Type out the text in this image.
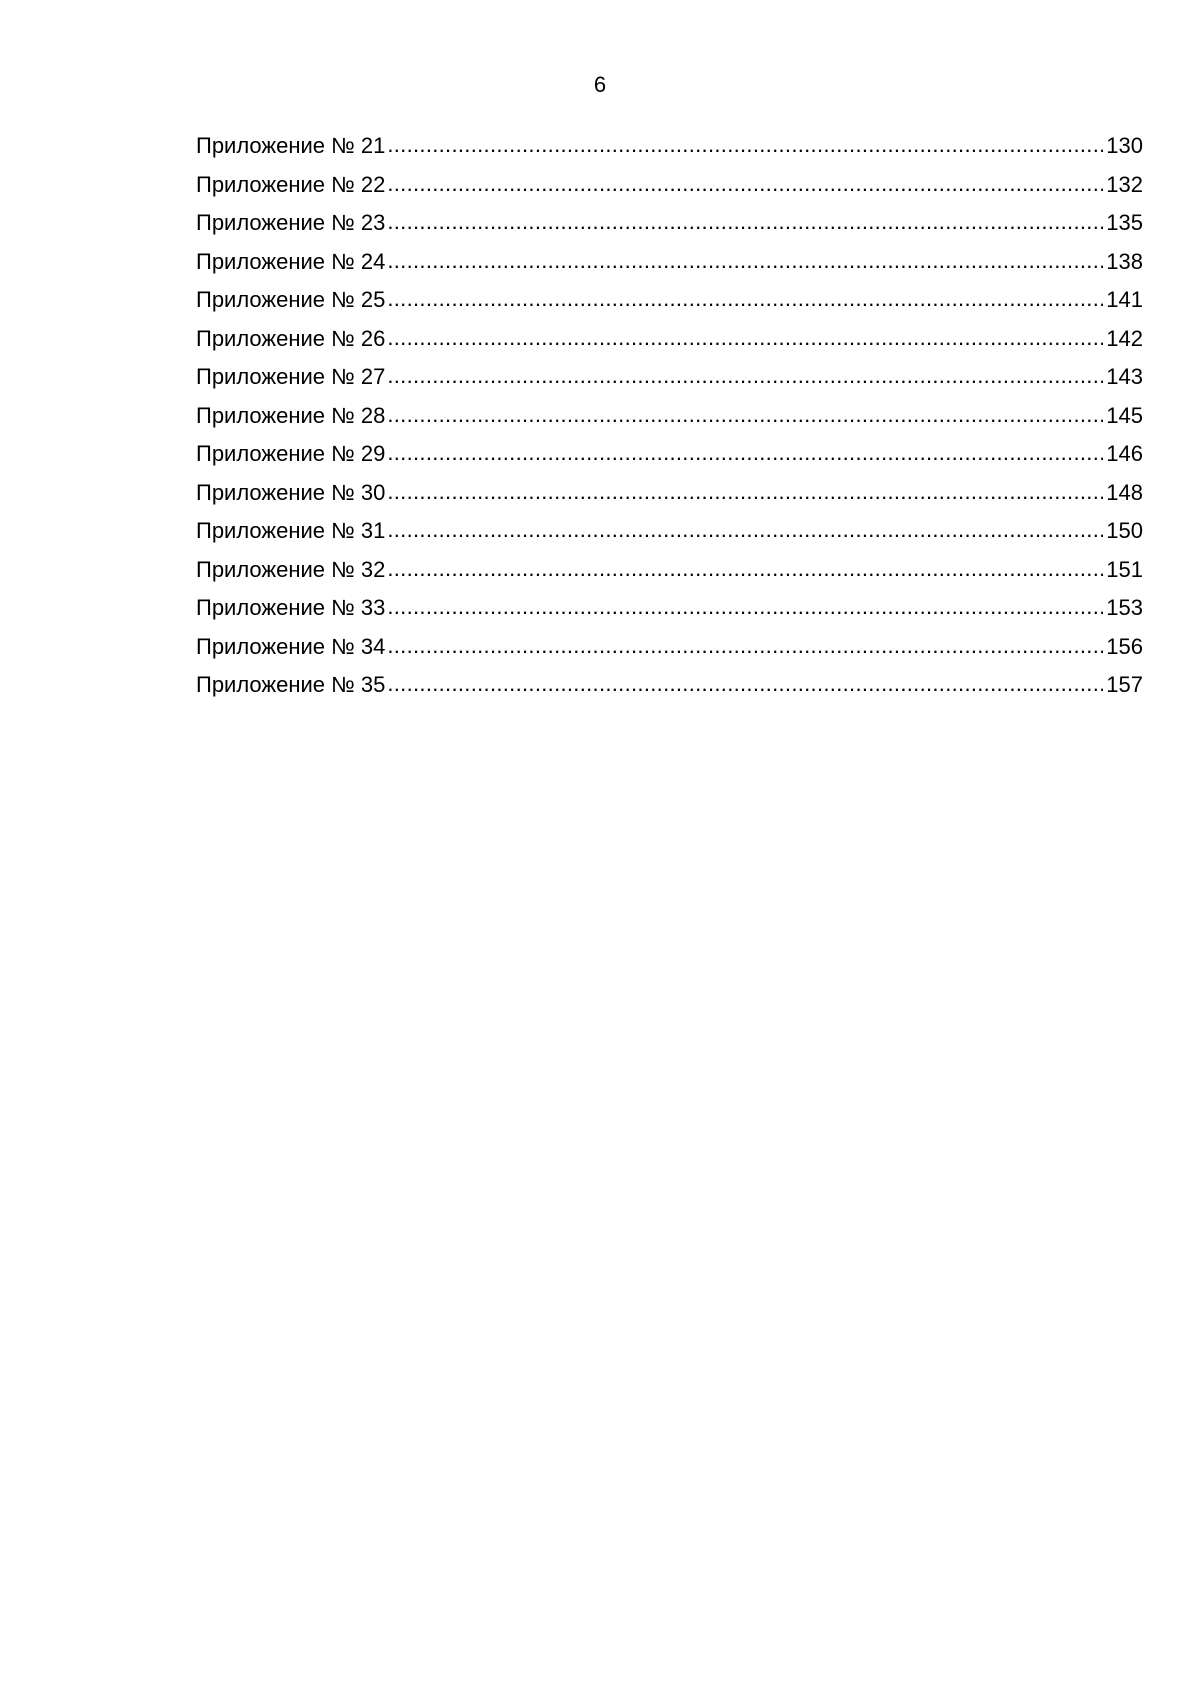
6
Приложение № 21 .....	130
Приложение № 22 .....	132
Приложение № 23 .....	135
Приложение № 24 .....	138
Приложение № 25 .....	141
Приложение № 26 .....	142
Приложение № 27 .....	143
Приложение № 28 .....	145
Приложение № 29 .....	146
Приложение № 30 .....	148
Приложение № 31 .....	150
Приложение № 32 .....	151
Приложение № 33 .....	153
Приложение № 34 .....	156
Приложение № 35 .....	157
